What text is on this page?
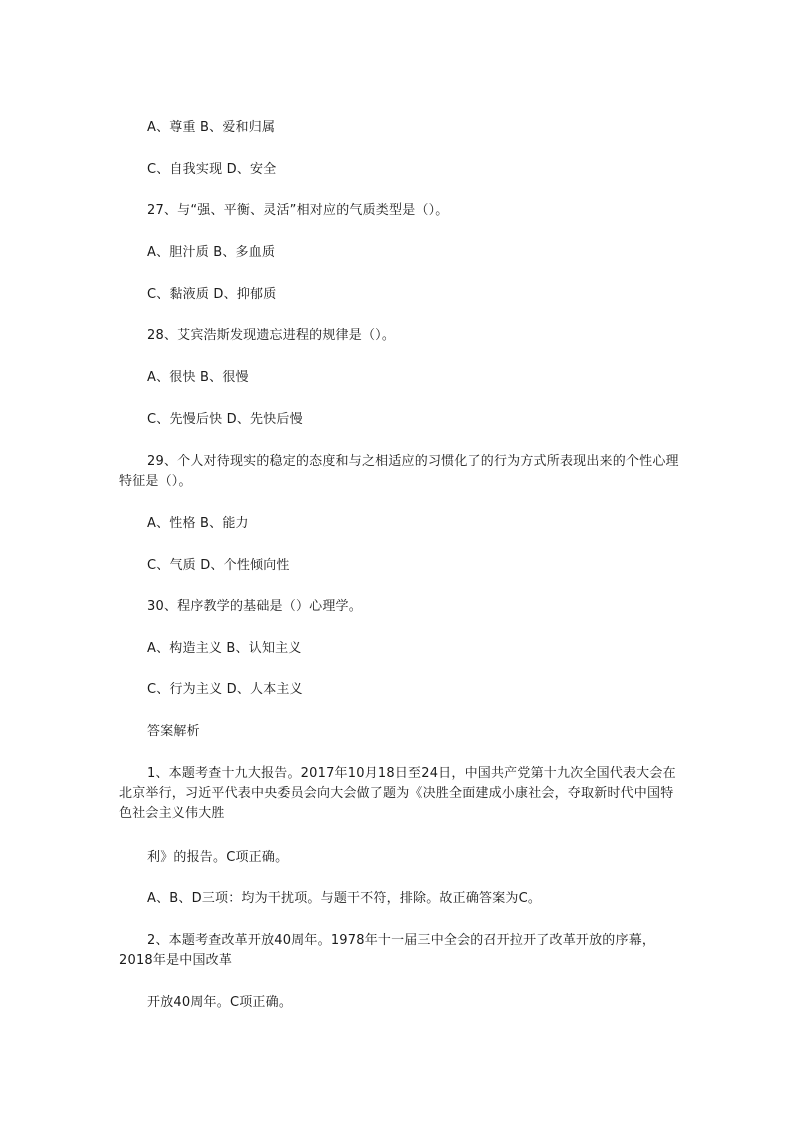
A、尊重 B、爱和归属
C、自我实现 D、安全
27、与“强、平衡、灵活”相对应的气质类型是（）。
A、胆汁质 B、多血质
C、黏液质 D、抑郁质
28、艾宾浩斯发现遗忘进程的规律是（）。
A、很快 B、很慢
C、先慢后快 D、先快后慢
29、个人对待现实的稳定的态度和与之相适应的习惯化了的行为方式所表现出来的个性心理特征是（）。
A、性格 B、能力
C、气质 D、个性倾向性
30、程序教学的基础是（）心理学。
A、构造主义 B、认知主义
C、行为主义 D、人本主义
答案解析
1、本题考查十九大报告。2017年10月18日至24日，中国共产党第十九次全国代表大会在北京举行，习近平代表中央委员会向大会做了题为《决胜全面建成小康社会，夺取新时代中国特色社会主义伟大胜
利》的报告。C项正确。
A、B、D三项：均为干扰项。与题干不符，排除。故正确答案为C。
2、本题考查改革开放40周年。1978年十一届三中全会的召开拉开了改革开放的序幕，2018年是中国改革
开放40周年。C项正确。
